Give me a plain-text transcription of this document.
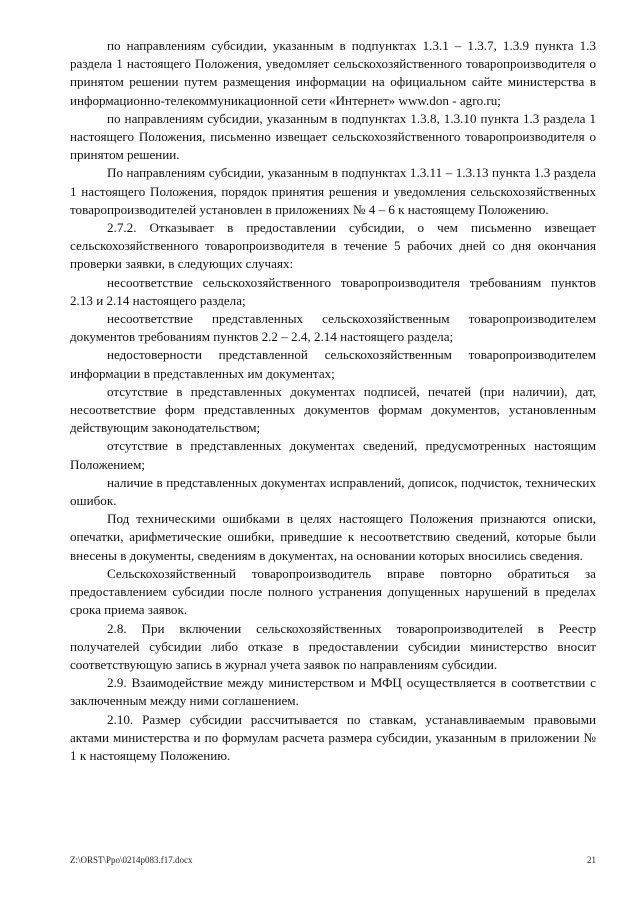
по направлениям субсидии, указанным в подпунктах 1.3.1 – 1.3.7, 1.3.9 пункта 1.3 раздела 1 настоящего Положения, уведомляет сельскохозяйственного товаропроизводителя о принятом решении путем размещения информации на официальном сайте министерства в информационно-телекоммуникационной сети «Интернет» www.don - agro.ru;

по направлениям субсидии, указанным в подпунктах 1.3.8, 1.3.10 пункта 1.3 раздела 1 настоящего Положения, письменно извещает сельскохозяйственного товаропроизводителя о принятом решении.

По направлениям субсидии, указанным в подпунктах 1.3.11 – 1.3.13 пункта 1.3 раздела 1 настоящего Положения, порядок принятия решения и уведомления сельскохозяйственных товаропроизводителей установлен в приложениях № 4 – 6 к настоящему Положению.

2.7.2. Отказывает в предоставлении субсидии, о чем письменно извещает сельскохозяйственного товаропроизводителя в течение 5 рабочих дней со дня окончания проверки заявки, в следующих случаях:

несоответствие сельскохозяйственного товаропроизводителя требованиям пунктов 2.13 и 2.14 настоящего раздела;

несоответствие представленных сельскохозяйственным товаропроизводителем документов требованиям пунктов 2.2 – 2.4, 2.14 настоящего раздела;

недостоверности представленной сельскохозяйственным товаропроизводителем информации в представленных им документах;

отсутствие в представленных документах подписей, печатей (при наличии), дат, несоответствие форм представленных документов формам документов, установленным действующим законодательством;

отсутствие в представленных документах сведений, предусмотренных настоящим Положением;

наличие в представленных документах исправлений, дописок, подчисток, технических ошибок.

Под техническими ошибками в целях настоящего Положения признаются описки, опечатки, арифметические ошибки, приведшие к несоответствию сведений, которые были внесены в документы, сведениям в документах, на основании которых вносились сведения.

Сельскохозяйственный товаропроизводитель вправе повторно обратиться за предоставлением субсидии после полного устранения допущенных нарушений в пределах срока приема заявок.

2.8. При включении сельскохозяйственных товаропроизводителей в Реестр получателей субсидии либо отказе в предоставлении субсидии министерство вносит соответствующую запись в журнал учета заявок по направлениям субсидии.

2.9. Взаимодействие между министерством и МФЦ осуществляется в соответствии с заключенным между ними соглашением.

2.10. Размер субсидии рассчитывается по ставкам, устанавливаемым правовыми актами министерства и по формулам расчета размера субсидии, указанным в приложении № 1 к настоящему Положению.

Z:\ORST\Ppo\0214p083.f17.docx	21
